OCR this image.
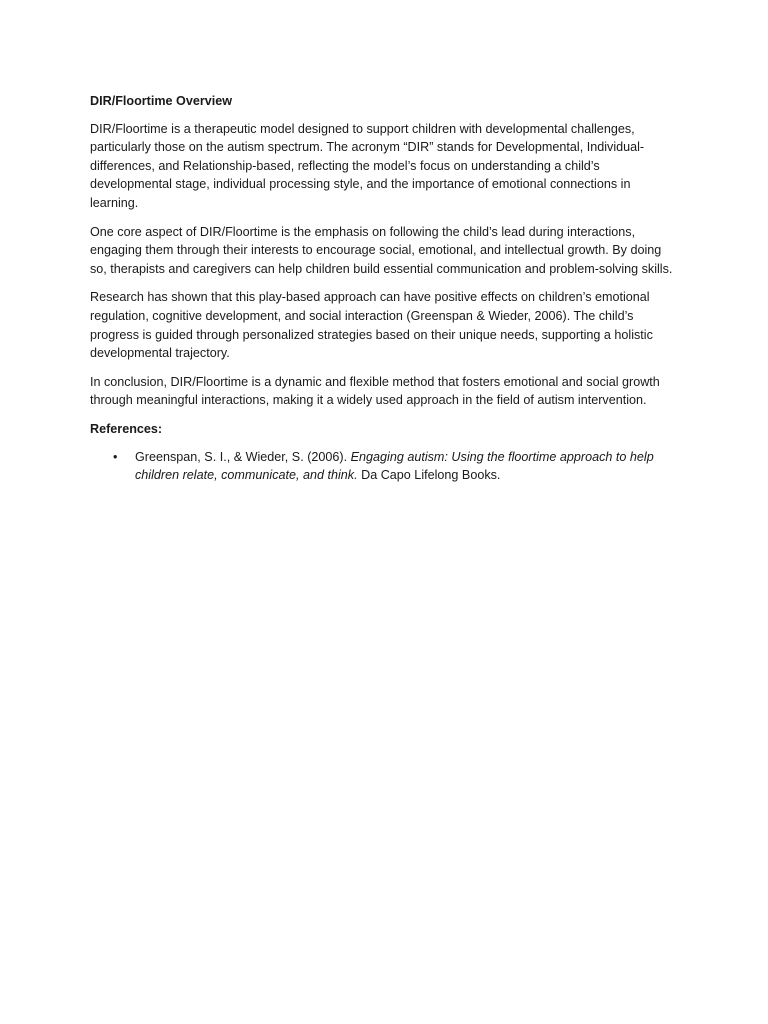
DIR/Floortime Overview

DIR/Floortime is a therapeutic model designed to support children with developmental challenges, particularly those on the autism spectrum. The acronym “DIR” stands for Developmental, Individual-differences, and Relationship-based, reflecting the model’s focus on understanding a child’s developmental stage, individual processing style, and the importance of emotional connections in learning.

One core aspect of DIR/Floortime is the emphasis on following the child’s lead during interactions, engaging them through their interests to encourage social, emotional, and intellectual growth. By doing so, therapists and caregivers can help children build essential communication and problem-solving skills.

Research has shown that this play-based approach can have positive effects on children’s emotional regulation, cognitive development, and social interaction (Greenspan & Wieder, 2006). The child’s progress is guided through personalized strategies based on their unique needs, supporting a holistic developmental trajectory.

In conclusion, DIR/Floortime is a dynamic and flexible method that fosters emotional and social growth through meaningful interactions, making it a widely used approach in the field of autism intervention.

References:
• Greenspan, S. I., & Wieder, S. (2006). Engaging autism: Using the floortime approach to help children relate, communicate, and think. Da Capo Lifelong Books.
